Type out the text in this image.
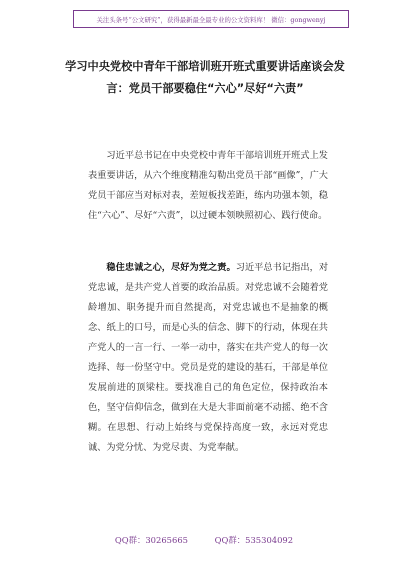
关注头条号“公文研究”，获得最新最全最专业的公文资料库！ 微信：gongwenyj
学习中央党校中青年干部培训班开班式重要讲话座谈会发言：党员干部要稳住“六心”尽好“六责”

习近平总书记在中央党校中青年干部培训班开班式上发表重要讲话，从六个维度精准勾勒出党员干部“画像”，广大党员干部应当对标对表，差短板找差距，练内功强本领，稳住“六心”、尽好“六责”，以过硬本领映照初心、践行使命。

稳住忠诚之心，尽好为党之责。习近平总书记指出，对党忠诚，是共产党人首要的政治品质。对党忠诚不会随着党龄增加、职务提升而自然提高，对党忠诚也不是抽象的概念、纸上的口号，而是心头的信念、脚下的行动，体现在共产党人的一言一行、一举一动中，落实在共产党人的每一次选择、每一份坚守中。党员是党的建设的基石，干部是单位发展前进的顶梁柱。要找准自己的角色定位，保持政治本色，坚守信仰信念，做到在大是大非面前毫不动摇、绝不含糊。在思想、行动上始终与党保持高度一致，永远对党忠诚、为党分忧、为党尽责、为党奉献。

QQ群：30265665	QQ群：535304092
